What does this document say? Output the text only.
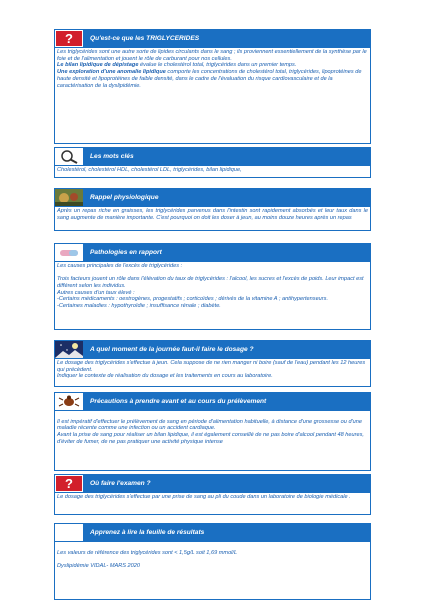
?	Qu'est-ce que les TRIGLYCERIDES

Les triglycérides sont une autre sorte de lipides circulants dans le sang ; ils proviennent essentiellement de la synthèse par le foie et de l'alimentation et jouent le rôle de carburant pour nos cellules.

Le bilan lipidique de dépistage évalue le cholestérol total, triglycérides dans un premier temps.

Une exploration d'une anomalie lipidique comporte les concentrations de cholestérol total, triglycérides, lipoprotéines de haute densité et lipoprotéines de faible densité, dans le cadre de l'évaluation du risque cardiovasculaire et de la caractérisation de la dyslipidémie.

Les mots clés

Cholestérol, cholestérol HDL, cholestérol LDL, triglycérides, bilan lipidique,

Rappel physiologique

Après un repas riche en graisses, les triglycérides parvenus dans l'intestin sont rapidement absorbés et leur taux dans le sang augmente de manière importante. C'est pourquoi on doit les doser à jeun, au moins douze heures après un repas

Pathologies en rapport

Les causes principales de l'excès de triglycérides :

Trois facteurs jouent un rôle dans l'élévation du taux de triglycérides : l'alcool, les sucres et l'excès de poids. Leur impact est différent selon les individus.

Autres causes d'un taux élevé :

-Certains médicaments : oestrogènes, progestatifs ; corticoïdes ; dérivés de la vitamine A ; antihypertenseurs.

-Certaines maladies : hypothyroïdie ; insuffisance rénale ; diabète.

A quel moment de la journée faut-il faire le dosage ?

Le dosage des triglycérides s'effectue à jeun. Cela suppose de ne rien manger ni boire (sauf de l'eau) pendant les 12 heures qui précèdent.

Indiquer le contexte de réalisation du dosage et les traitements en cours au laboratoire.

Précautions à prendre avant et au cours du prélèvement

Il est impératif d'effectuer le prélèvement de sang en période d'alimentation habituelle, à distance d'une grossesse ou d'une maladie récente comme une infection ou un accident cardiaque.

Avant la prise de sang pour réaliser un bilan lipidique, il est également conseillé de ne pas boire d'alcool pendant 48 heures, d'éviter de fumer, de ne pas pratiquer une activité physique intense

?	Où faire l'examen ?

Le dosage des triglycérides s'effectue par une prise de sang au pli du coude dans un laboratoire de biologie médicale .

Apprenez à lire la feuille de résultats

Les valeurs de référence des triglycérides sont < 1,5g/L soit 1,69 mmol/L

Dyslipidémie VIDAL- MARS 2020
